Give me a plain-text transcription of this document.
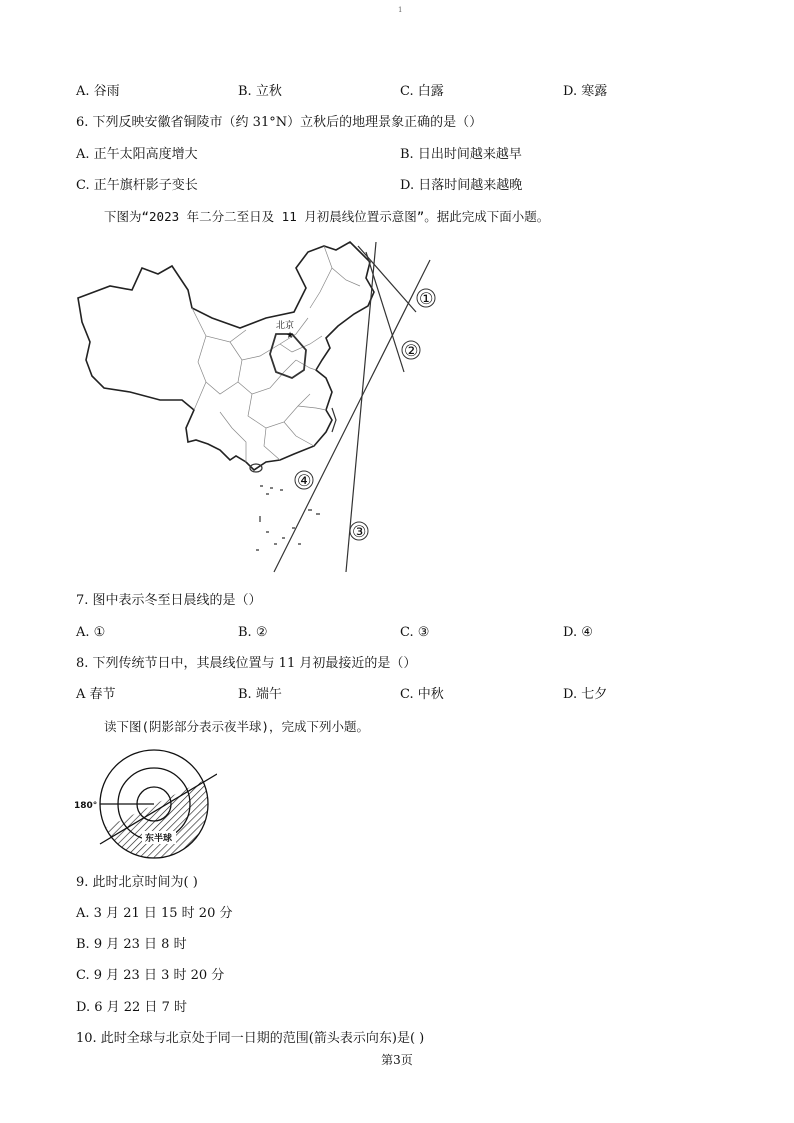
1
A. 谷雨	B. 立秋	C. 白露	D. 寒露
6. 下列反映安徽省铜陵市（约 31°N）立秋后的地理景象正确的是（）
A. 正午太阳高度增大	B. 日出时间越来越早
C. 正午旗杆影子变长	D. 日落时间越来越晚
下图为“2023 年二分二至日及 11 月初晨线位置示意图”。据此完成下面小题。
北京
★
①
②
③
④
7. 图中表示冬至日晨线的是（）
A. ①	B. ②	C. ③	D. ④
8. 下列传统节日中，其晨线位置与 11 月初最接近的是（）
A 春节	B. 端午	C. 中秋	D. 七夕
读下图(阴影部分表示夜半球)，完成下列小题。
180°
东半球
9. 此时北京时间为( )
A. 3 月 21 日 15 时 20 分
B. 9 月 23 日 8 时
C. 9 月 23 日 3 时 20 分
D. 6 月 22 日 7 时
10. 此时全球与北京处于同一日期的范围(箭头表示向东)是( )
第3页
